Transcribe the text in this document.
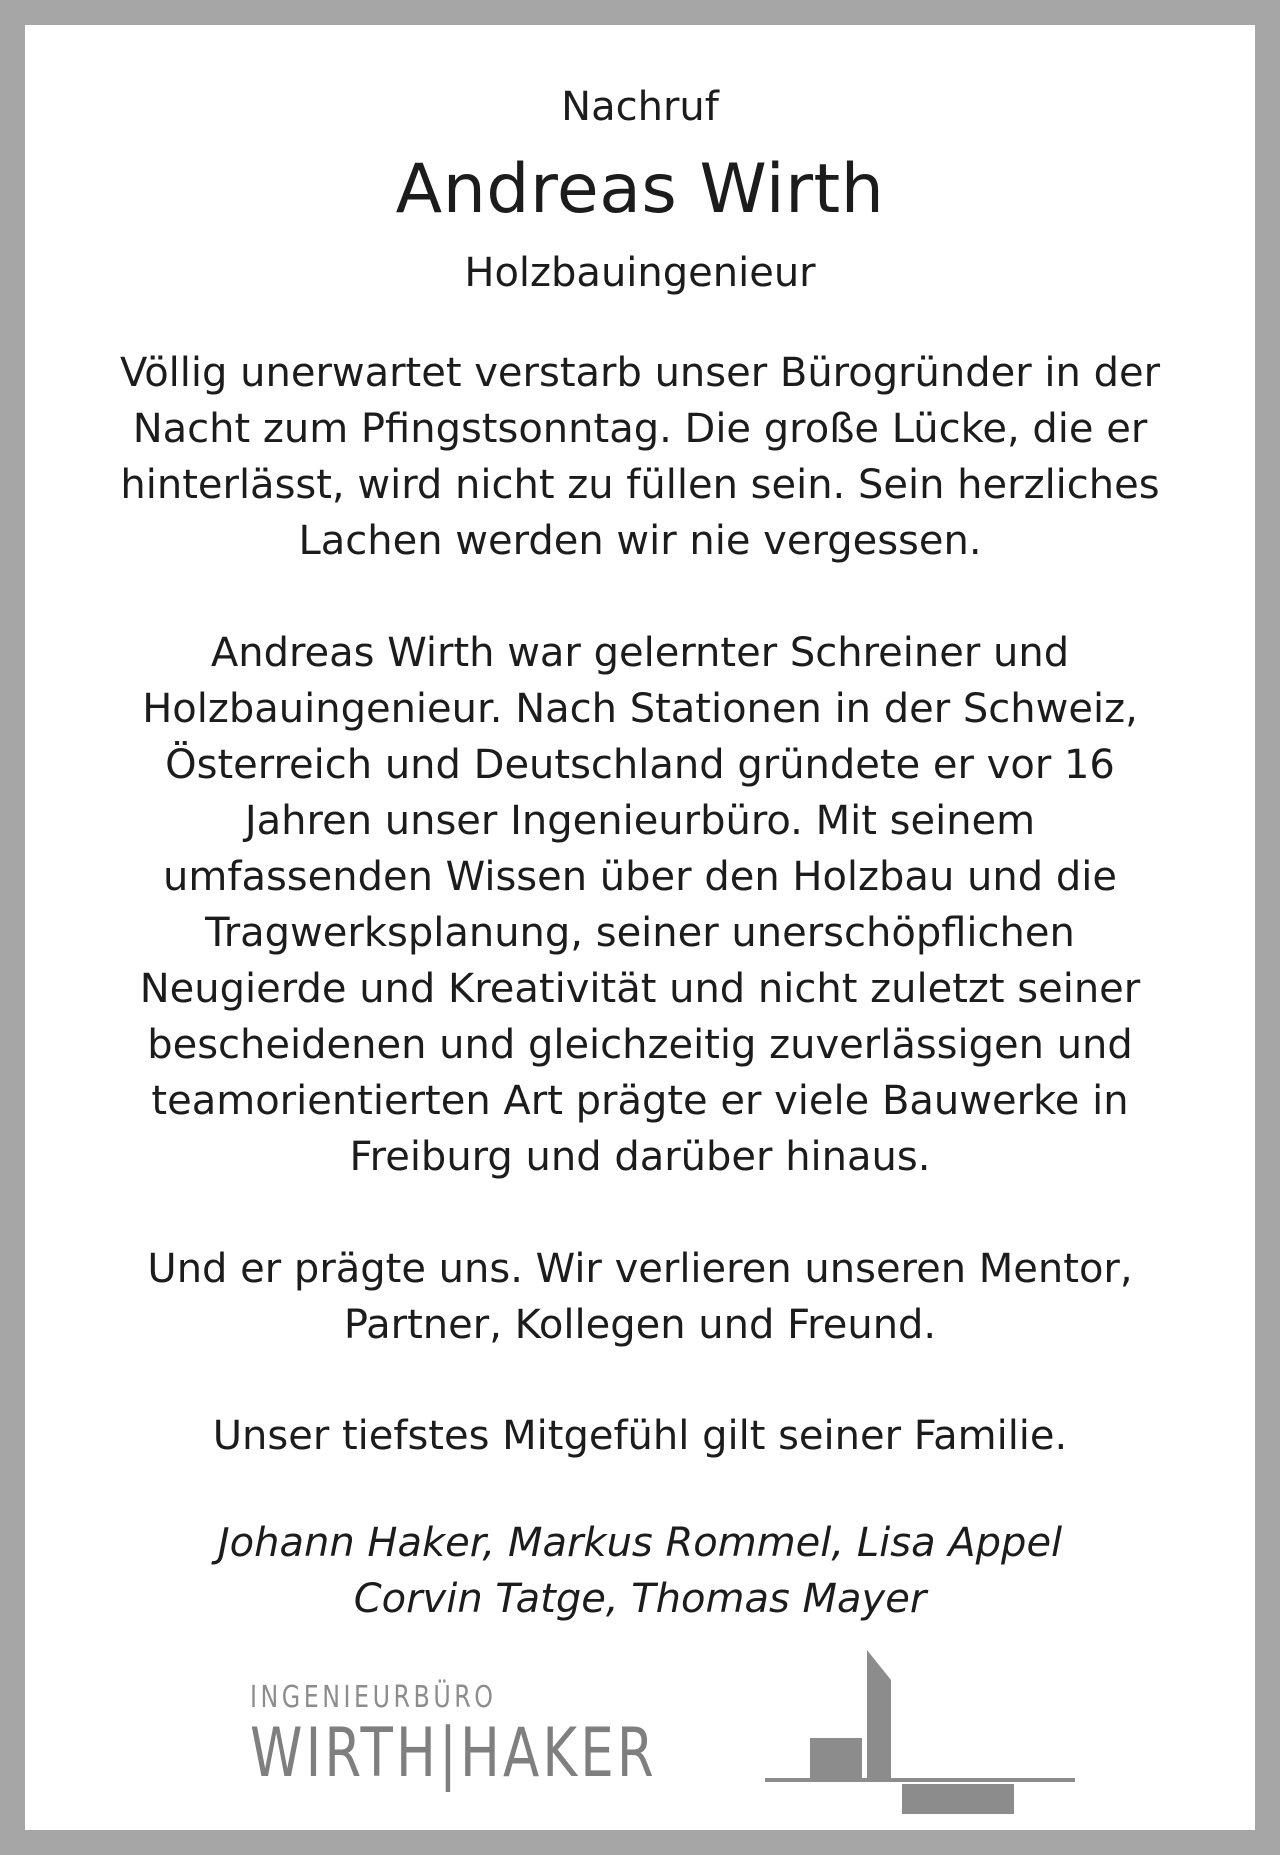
Nachruf
Andreas Wirth
Holzbauingenieur
Völlig unerwartet verstarb unser Bürogründer in der
Nacht zum Pfingstsonntag. Die große Lücke, die er
hinterlässt, wird nicht zu füllen sein. Sein herzliches
Lachen werden wir nie vergessen.
Andreas Wirth war gelernter Schreiner und
Holzbauingenieur. Nach Stationen in der Schweiz,
Österreich und Deutschland gründete er vor 16
Jahren unser Ingenieurbüro. Mit seinem
umfassenden Wissen über den Holzbau und die
Tragwerksplanung, seiner unerschöpflichen
Neugierde und Kreativität und nicht zuletzt seiner
bescheidenen und gleichzeitig zuverlässigen und
teamorientierten Art prägte er viele Bauwerke in
Freiburg und darüber hinaus.
Und er prägte uns. Wir verlieren unseren Mentor,
Partner, Kollegen und Freund.
Unser tiefstes Mitgefühl gilt seiner Familie.
Johann Haker, Markus Rommel, Lisa Appel
Corvin Tatge, Thomas Mayer
INGENIEURBÜRO
WIRTH|HAKER
